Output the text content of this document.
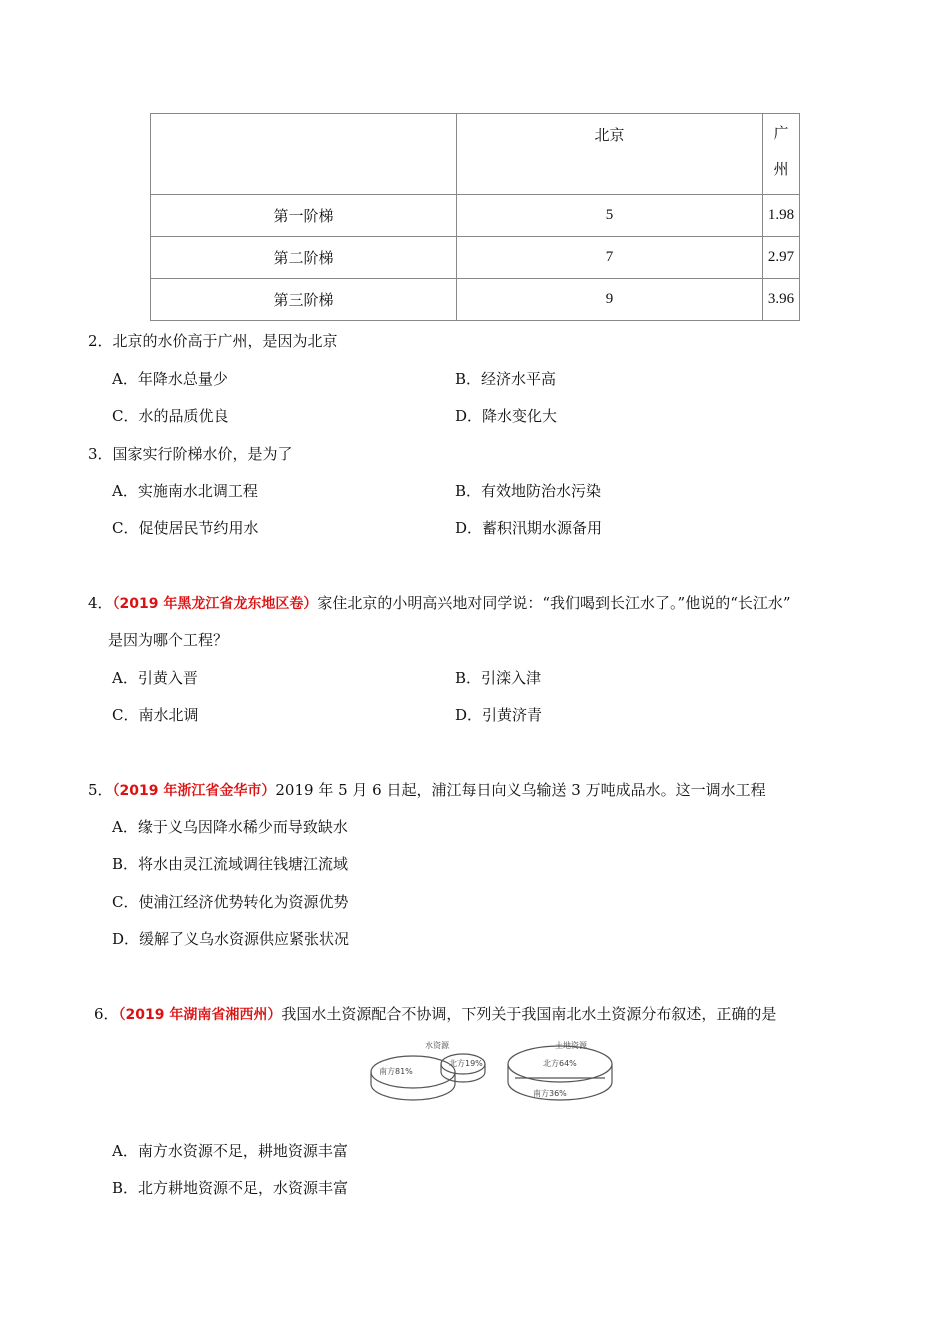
	北京	广
州

第一阶梯	5	1.98
第二阶梯	7	2.97
第三阶梯	9	3.96
2．北京的水价高于广州，是因为北京
A．年降水总量少	B．经济水平高
C．水的品质优良	D．降水变化大
3．国家实行阶梯水价，是为了
A．实施南水北调工程	B．有效地防治水污染
C．促使居民节约用水	D．蓄积汛期水源备用
4．（2019 年黑龙江省龙东地区卷）家住北京的小明高兴地对同学说：“我们喝到长江水了。”他说的“长江水”
是因为哪个工程？
A．引黄入晋	B．引滦入津
C．南水北调	D．引黄济青
5．（2019 年浙江省金华市）2019 年 5 月 6 日起，浦江每日向义乌输送 3 万吨成品水。这一调水工程
A．缘于义乌因降水稀少而导致缺水
B．将水由灵江流域调往钱塘江流域
C．使浦江经济优势转化为资源优势
D．缓解了义乌水资源供应紧张状况
6．（2019 年湖南省湘西州）我国水土资源配合不协调，下列关于我国南北水土资源分布叙述，正确的是
水资源
南方81%
北方19%
土地资源
北方64%
南方36%
A．南方水资源不足，耕地资源丰富
B．北方耕地资源不足，水资源丰富
